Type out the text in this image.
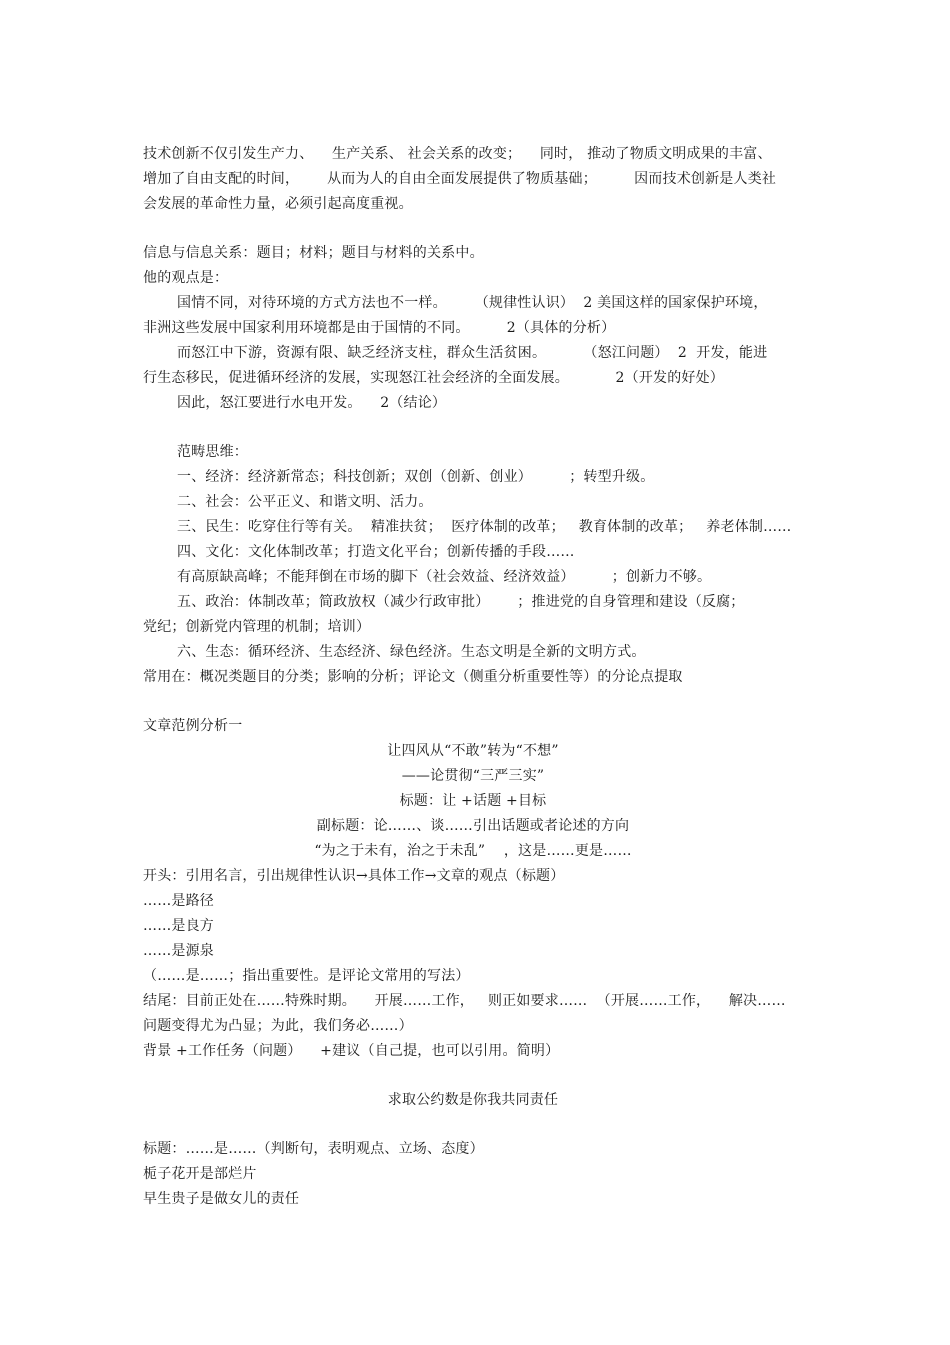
技术创新不仅引发生产力、    生产关系、 社会关系的改变；    同时， 推动了物质文明成果的丰富、
增加了自由支配的时间，      从而为人的自由全面发展提供了物质基础；        因而技术创新是人类社
会发展的革命性力量，必须引起高度重视。
信息与信息关系：题目；材料；题目与材料的关系中。
他的观点是：
国情不同，对待环境的方式方法也不一样。      （规律性认识）  2 美国这样的国家保护环境，
非洲这些发展中国家利用环境都是由于国情的不同。        2（具体的分析）
而怒江中下游，资源有限、缺乏经济支柱，群众生活贫困。        （怒江问题）  2  开发，能进
行生态移民，促进循环经济的发展，实现怒江社会经济的全面发展。          2（开发的好处）
因此，怒江要进行水电开发。    2（结论）
范畴思维：
一、经济：经济新常态；科技创新；双创（创新、创业）        ；转型升级。
二、社会：公平正义、和谐文明、活力。
三、民生：吃穿住行等有关。  精准扶贫；  医疗体制的改革；   教育体制的改革；   养老体制……
四、文化：文化体制改革；打造文化平台；创新传播的手段……
有高原缺高峰；不能拜倒在市场的脚下（社会效益、经济效益）        ；创新力不够。
五、政治：体制改革；简政放权（减少行政审批）      ；推进党的自身管理和建设（反腐；
党纪；创新党内管理的机制；培训）
六、生态：循环经济、生态经济、绿色经济。生态文明是全新的文明方式。
常用在：概况类题目的分类；影响的分析；评论文（侧重分析重要性等）的分论点提取
文章范例分析一
让四风从“不敢”转为“不想”
——论贯彻“三严三实”
标题：让 +话题 +目标
副标题：论……、谈……引出话题或者论述的方向
“为之于未有，治之于未乱”    ，这是……更是……
开头：引用名言，引出规律性认识→具体工作→文章的观点（标题）
……是路径
……是良方
……是源泉
（……是……；指出重要性。是评论文常用的写法）
结尾：目前正处在……特殊时期。    开展……工作，   则正如要求……  （开展……工作，    解决……
问题变得尤为凸显；为此，我们务必……）
背景 +工作任务（问题）    +建议（自己提，也可以引用。简明）
求取公约数是你我共同责任
标题：……是……（判断句，表明观点、立场、态度）
栀子花开是部烂片
早生贵子是做女儿的责任
